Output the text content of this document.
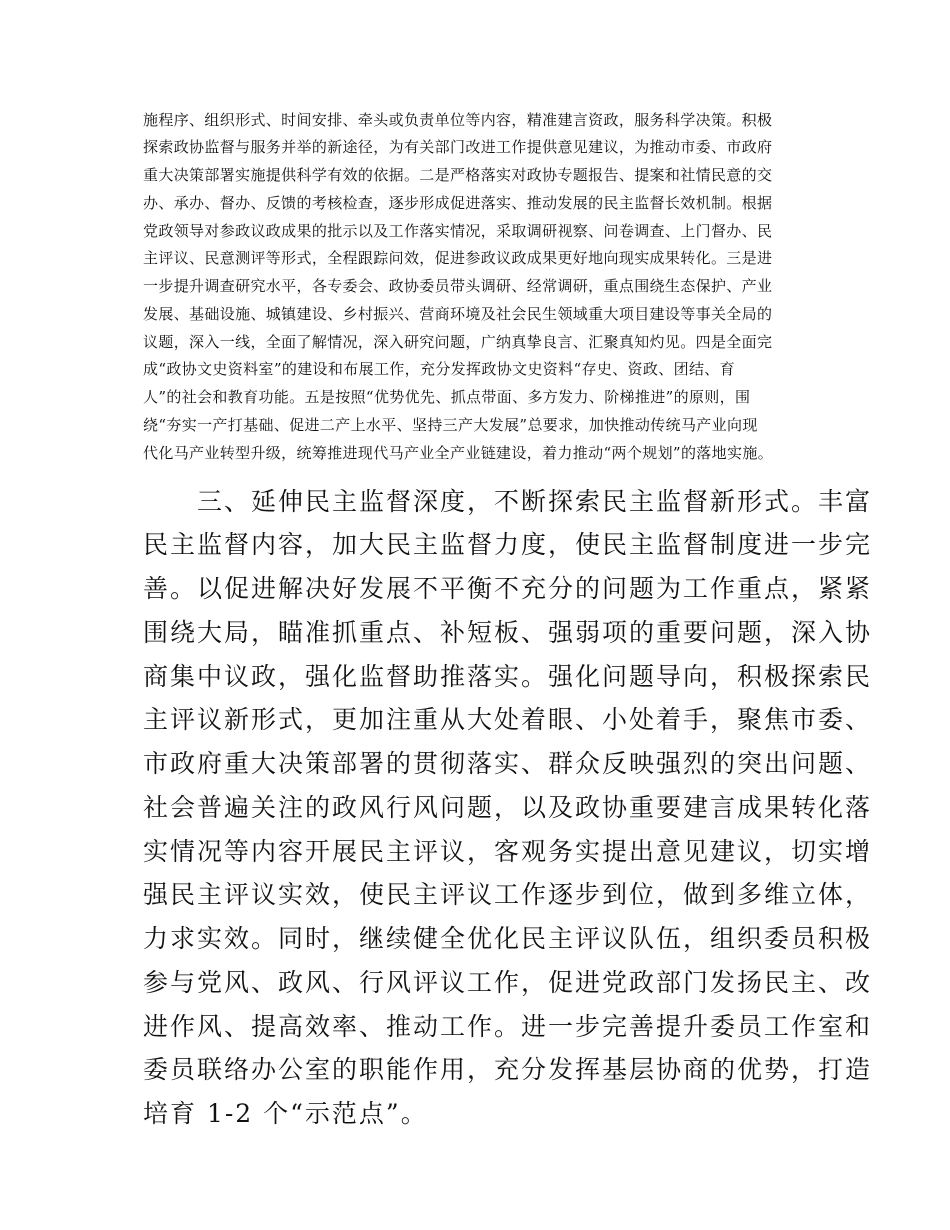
施程序、组织形式、时间安排、牵头或负责单位等内容，精准建言资政，服务科学决策。积极
探索政协监督与服务并举的新途径，为有关部门改进工作提供意见建议，为推动市委、市政府
重大决策部署实施提供科学有效的依据。二是严格落实对政协专题报告、提案和社情民意的交
办、承办、督办、反馈的考核检查，逐步形成促进落实、推动发展的民主监督长效机制。根据
党政领导对参政议政成果的批示以及工作落实情况，采取调研视察、问卷调查、上门督办、民
主评议、民意测评等形式，全程跟踪问效，促进参政议政成果更好地向现实成果转化。三是进
一步提升调查研究水平，各专委会、政协委员带头调研、经常调研，重点围绕生态保护、产业
发展、基础设施、城镇建设、乡村振兴、营商环境及社会民生领域重大项目建设等事关全局的
议题，深入一线，全面了解情况，深入研究问题，广纳真挚良言、汇聚真知灼见。四是全面完
成“政协文史资料室”的建设和布展工作，充分发挥政协文史资料“存史、资政、团结、育
人”的社会和教育功能。五是按照“优势优先、抓点带面、多方发力、阶梯推进”的原则，围
绕“夯实一产打基础、促进二产上水平、坚持三产大发展”总要求，加快推动传统马产业向现
代化马产业转型升级，统筹推进现代马产业全产业链建设，着力推动“两个规划”的落地实施。
　　三、延伸民主监督深度，不断探索民主监督新形式。丰富
民主监督内容，加大民主监督力度，使民主监督制度进一步完
善。以促进解决好发展不平衡不充分的问题为工作重点，紧紧
围绕大局，瞄准抓重点、补短板、强弱项的重要问题，深入协
商集中议政，强化监督助推落实。强化问题导向，积极探索民
主评议新形式，更加注重从大处着眼、小处着手，聚焦市委、
市政府重大决策部署的贯彻落实、群众反映强烈的突出问题、
社会普遍关注的政风行风问题，以及政协重要建言成果转化落
实情况等内容开展民主评议，客观务实提出意见建议，切实增
强民主评议实效，使民主评议工作逐步到位，做到多维立体，
力求实效。同时，继续健全优化民主评议队伍，组织委员积极
参与党风、政风、行风评议工作，促进党政部门发扬民主、改
进作风、提高效率、推动工作。进一步完善提升委员工作室和
委员联络办公室的职能作用，充分发挥基层协商的优势，打造
培育 1-2 个“示范点”。
